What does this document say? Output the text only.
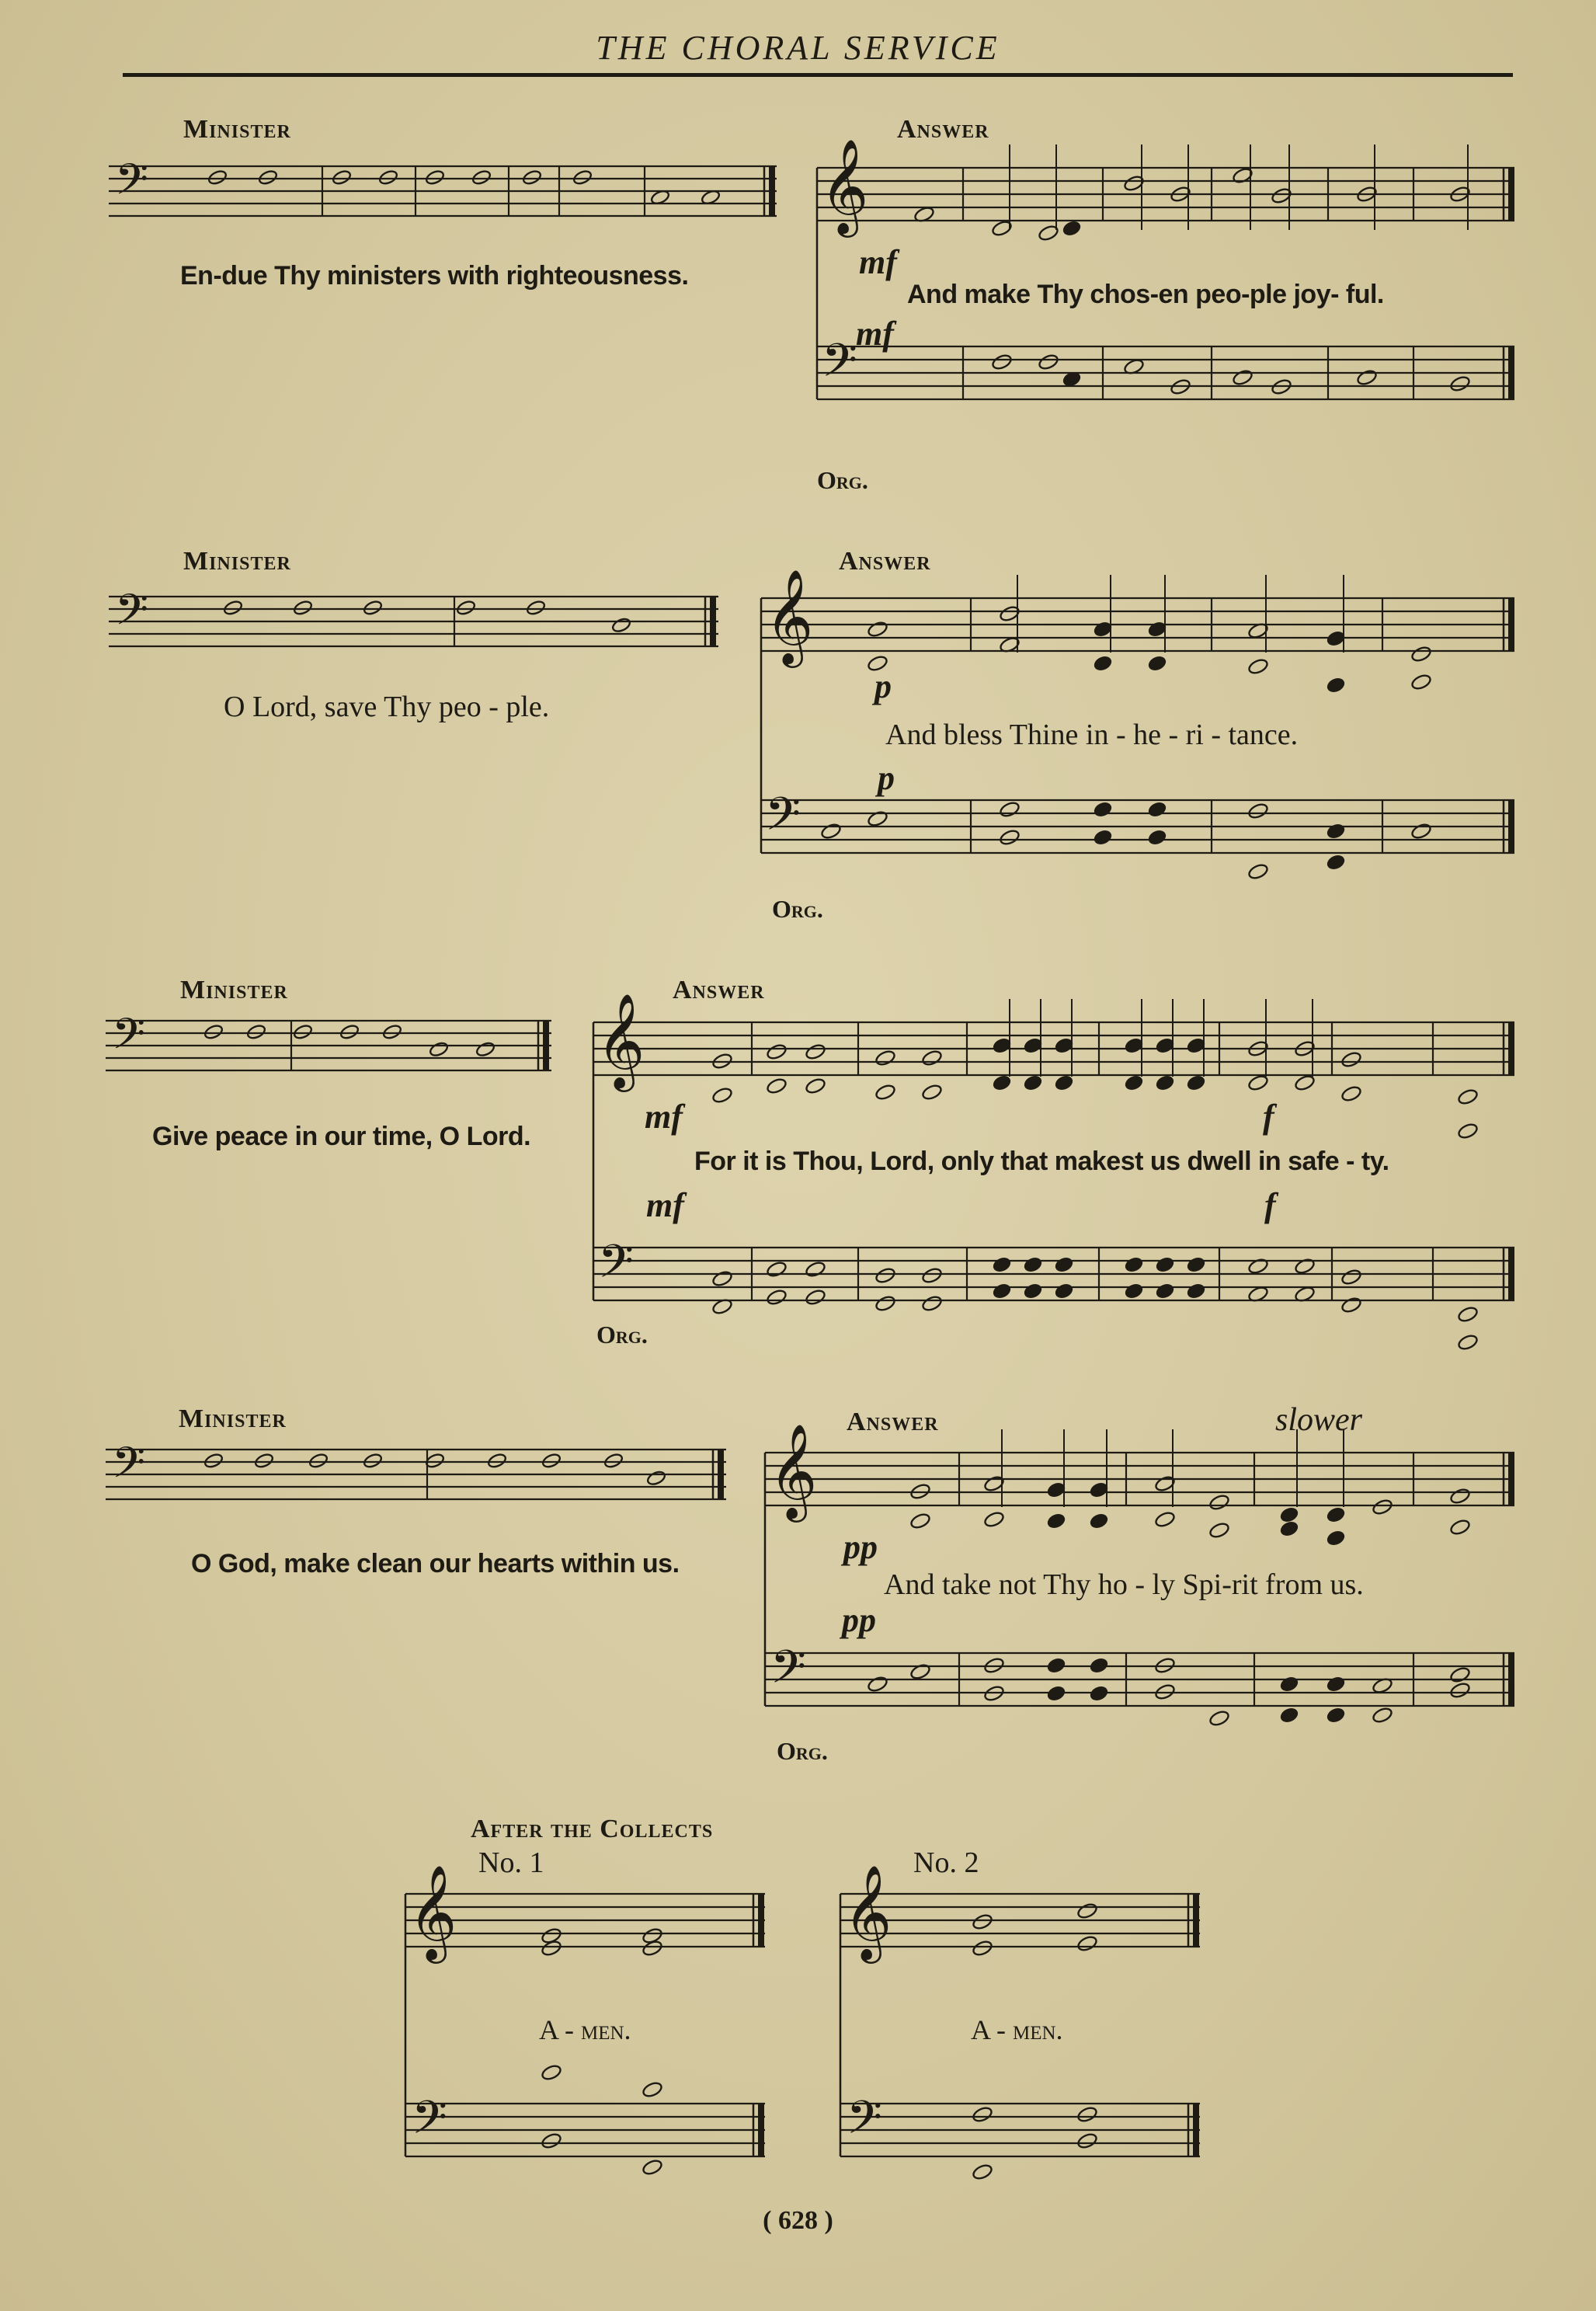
THE CHORAL SERVICE
𝄢	𝄞
𝄢
𝄢	𝄞
𝄢
𝄢	𝄞
𝄢
𝄢	𝄞
𝄢
𝄞
𝄢
𝄞
𝄢
Minister
En-due Thy ministers with righteousness.
Answer
mf
And make Thy chos-en peo-ple joy- ful.
mf
Org.
Minister
O Lord, save Thy peo - ple.
Answer
p
And bless Thine in - he - ri - tance.
p
Org.
Minister
Give peace in our time, O Lord.
Answer
mf	f
For it is Thou, Lord, only that makest us dwell in safe - ty.
mf	f
Org.
Minister
O God, make clean our hearts within us.
Answer	slower
pp
And take not Thy ho - ly Spi-rit from us.
pp
Org.
After the Collects
No. 1	No. 2
A - men.	A - men.
( 628 )
